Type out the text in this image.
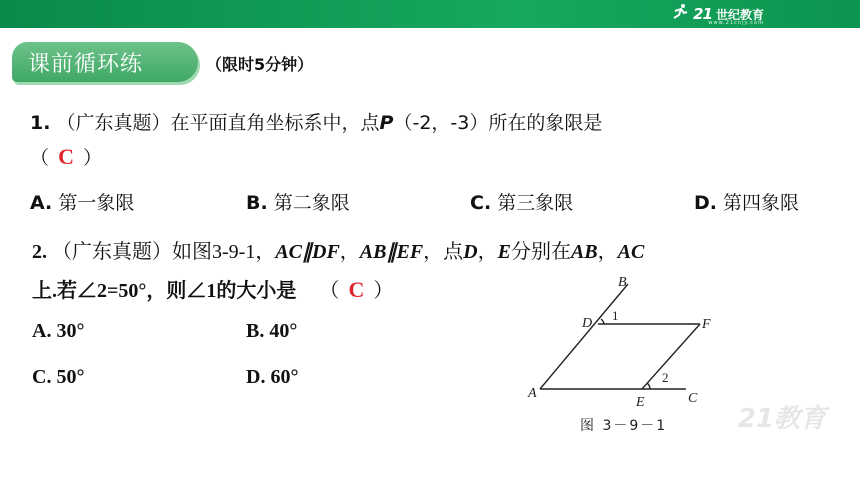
21 世纪教育
www.21cnjy.com
课前循环练	（限时5分钟）
1. （广东真题）在平面直角坐标系中，点P（-2，-3）所在的象限是
（ C ）
A. 第一象限	B. 第二象限	C. 第三象限	D. 第四象限
2. （广东真题）如图3-9-1，AC∥DF，AB∥EF，点D，E分别在AB，AC
上.若∠2=50°，则∠1的大小是 （ C ）
A. 30°	B. 40°
C. 50°	D. 60°
B
D	F
A
E	C
1
2
图 3－9－1	21教育
